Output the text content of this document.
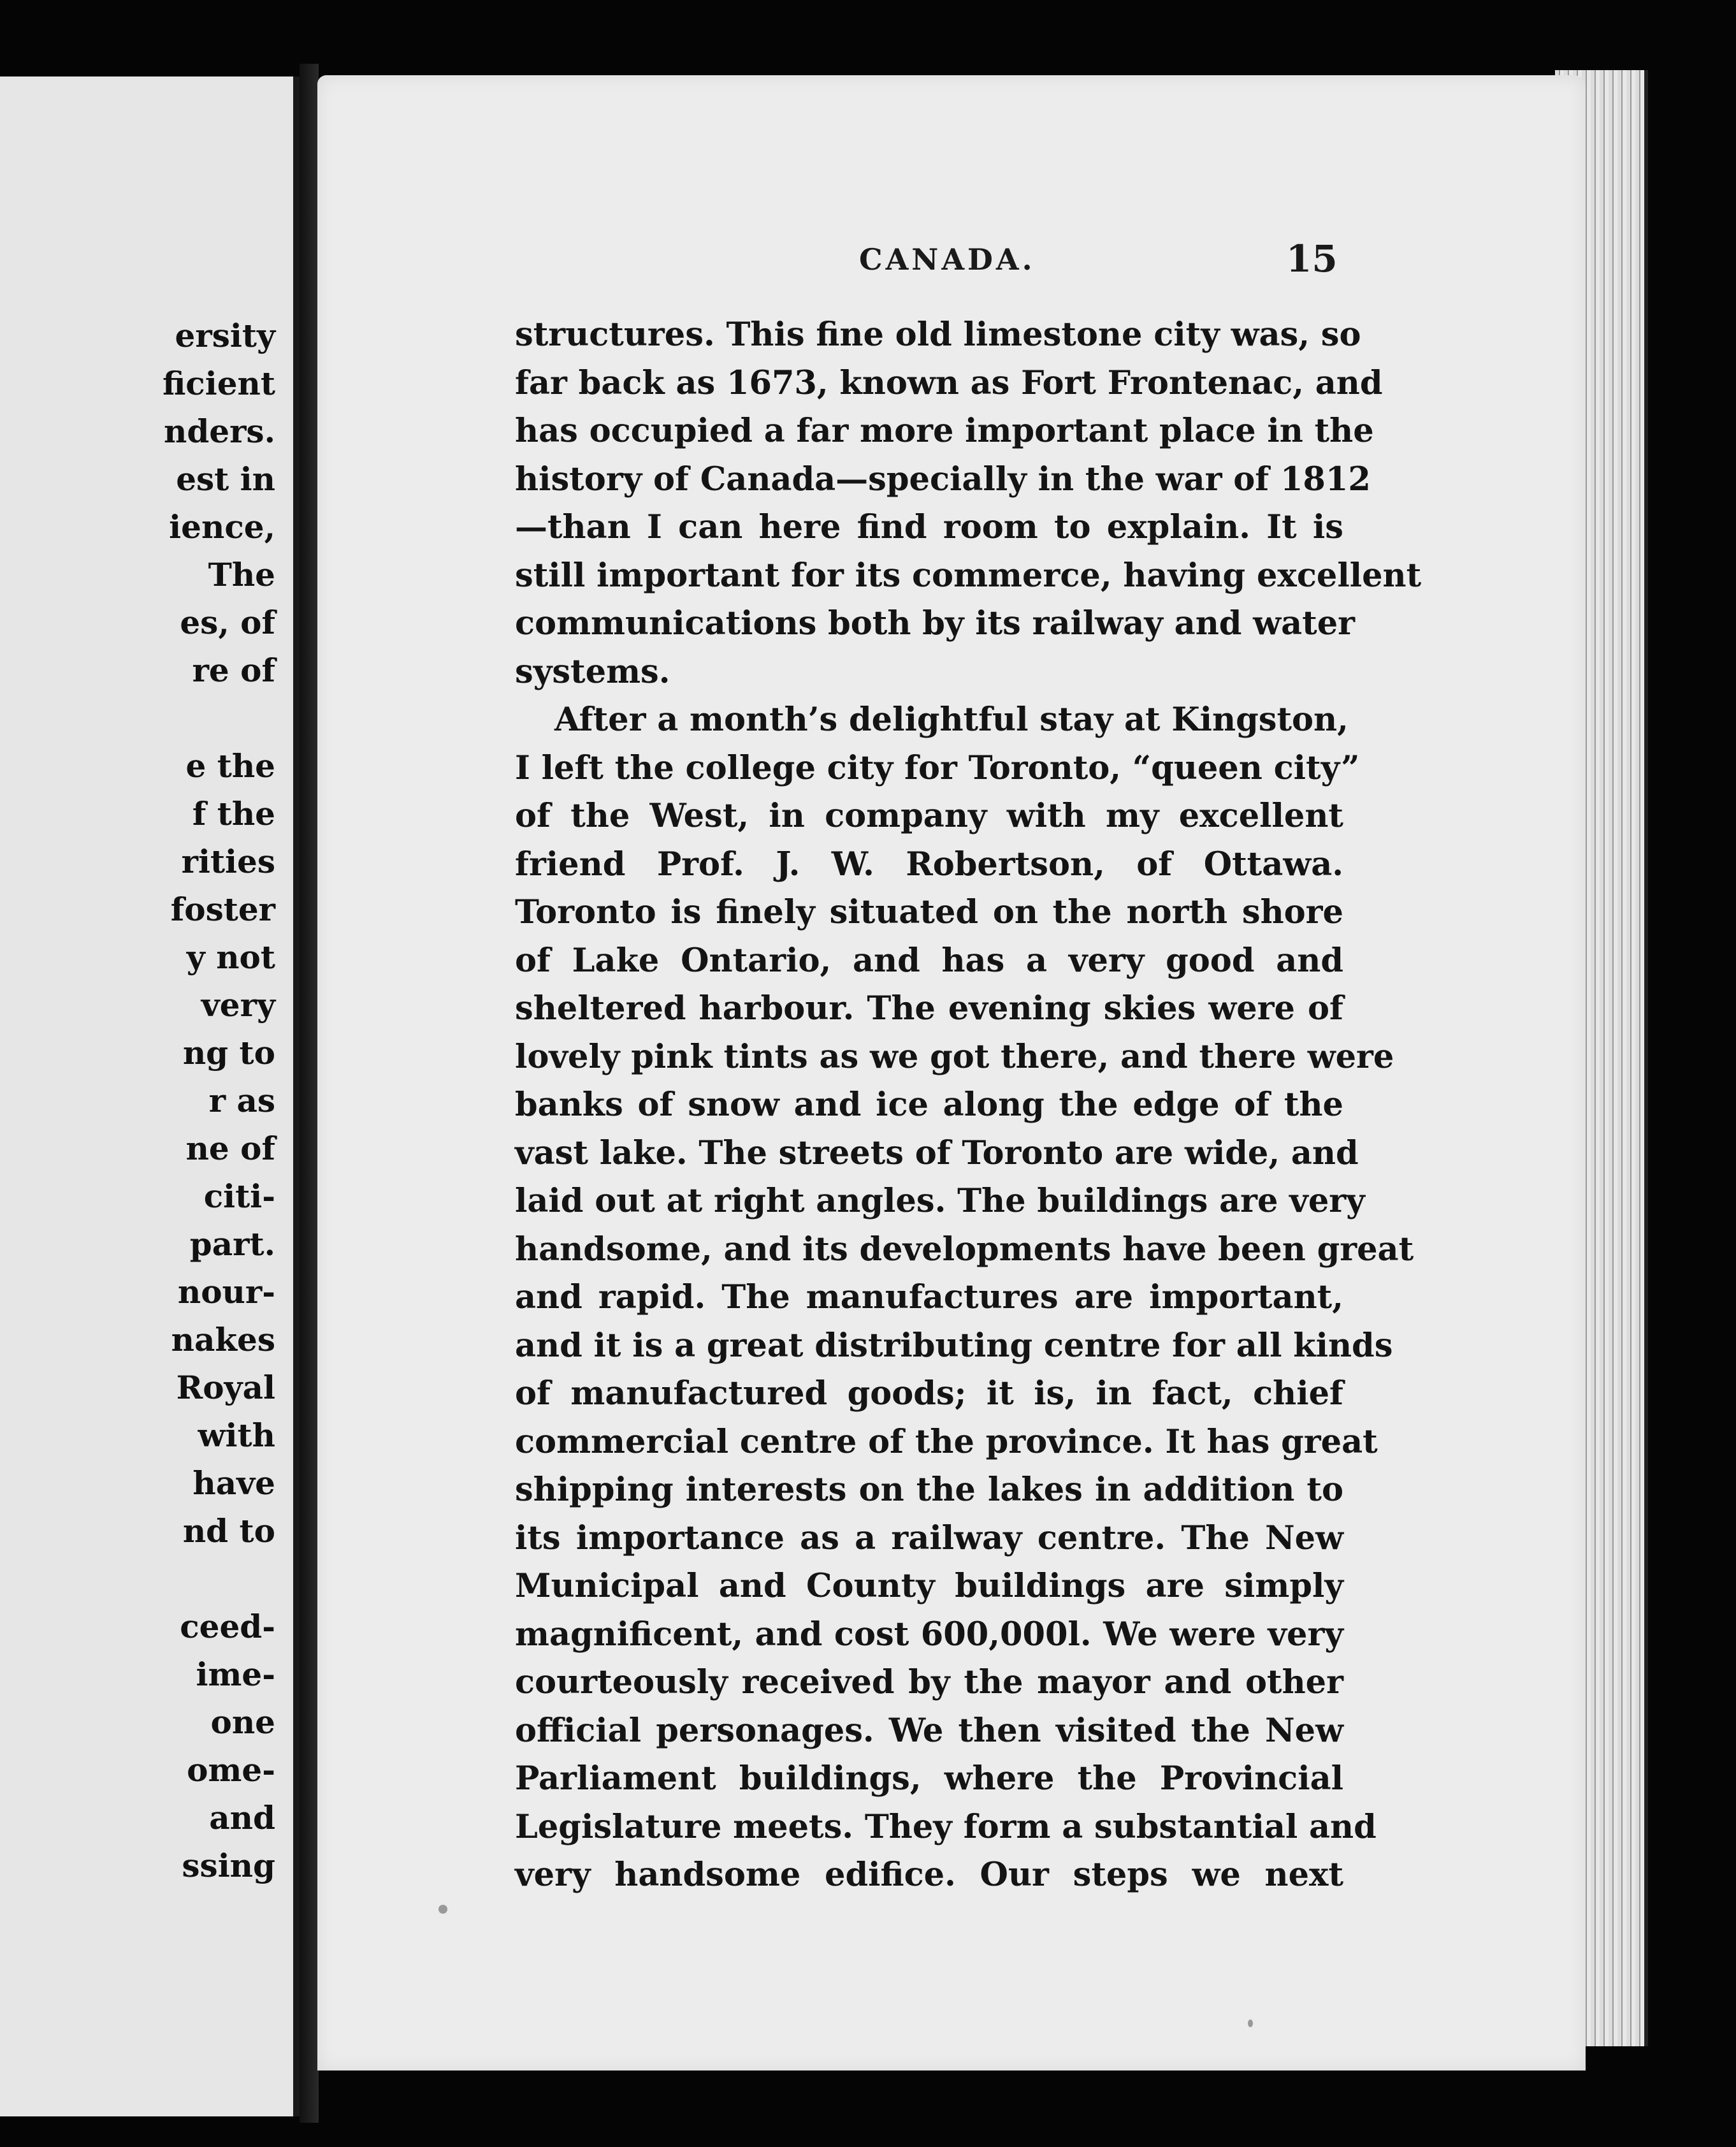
ersity
ficient
nders.
est in
ience,
The
es, of
re of
e the
f the
rities
foster
y not
very
ng to
r as
ne of
citi-
part.
nour-
nakes
Royal
with
have
nd to
ceed-
ime-
one
ome-
and
ssing
CANADA.	15
structures. This fine old limestone city was, so
far back as 1673, known as Fort Frontenac, and
has occupied a far more important place in the
history of Canada—specially in the war of 1812
—than I can here find room to explain. It is
still important for its commerce, having excellent
communications both by its railway and water
systems.
After a month’s delightful stay at Kingston,
I left the college city for Toronto, “queen city”
of the West, in company with my excellent
friend Prof. J. W. Robertson, of Ottawa.
Toronto is finely situated on the north shore
of Lake Ontario, and has a very good and
sheltered harbour. The evening skies were of
lovely pink tints as we got there, and there were
banks of snow and ice along the edge of the
vast lake. The streets of Toronto are wide, and
laid out at right angles. The buildings are very
handsome, and its developments have been great
and rapid. The manufactures are important,
and it is a great distributing centre for all kinds
of manufactured goods; it is, in fact, chief
commercial centre of the province. It has great
shipping interests on the lakes in addition to
its importance as a railway centre. The New
Municipal and County buildings are simply
magnificent, and cost 600,000l. We were very
courteously received by the mayor and other
official personages. We then visited the New
Parliament buildings, where the Provincial
Legislature meets. They form a substantial and
very handsome edifice. Our steps we next
